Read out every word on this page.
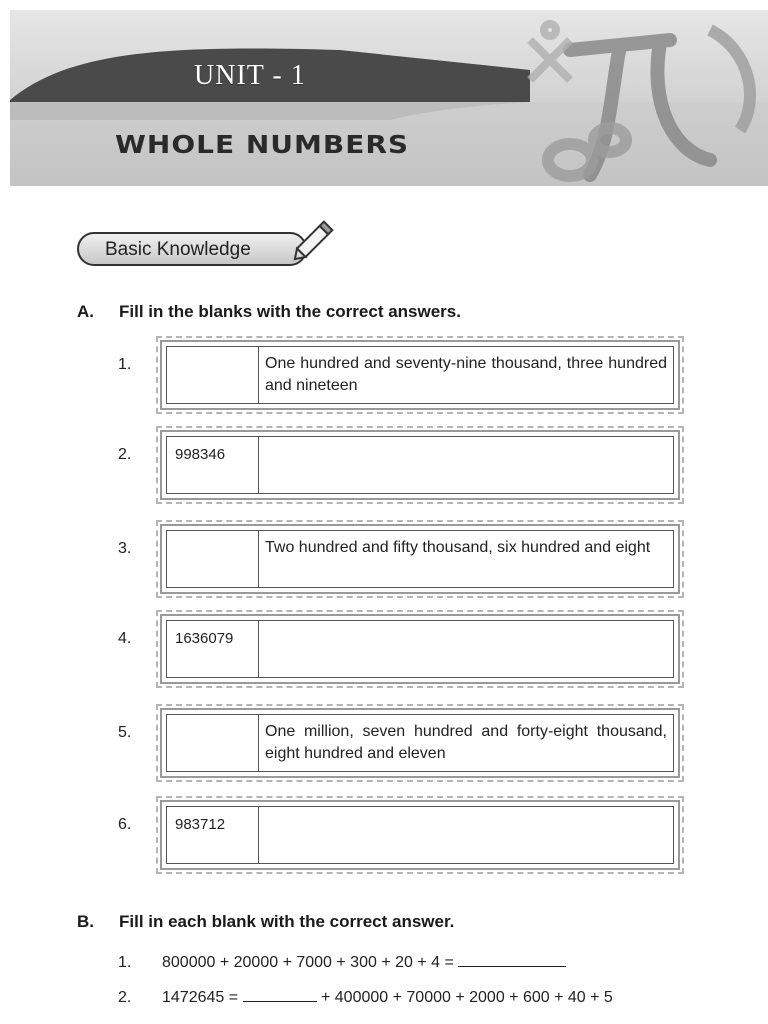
UNIT - 1
WHOLE NUMBERS
Basic Knowledge
A. Fill in the blanks with the correct answers.
1.	One hundred and seventy-nine thousand, three hundred and nineteen
2.	998346
3.	Two hundred and fifty thousand, six hundred and eight
4.	1636079
5.	One million, seven hundred and forty-eight thousand, eight hundred and eleven
6.	983712
B. Fill in each blank with the correct answer.
1. 800000 + 20000 + 7000 + 300 + 20 + 4 =
2. 1472645 =	+ 400000 + 70000 + 2000 + 600 + 40 + 5
